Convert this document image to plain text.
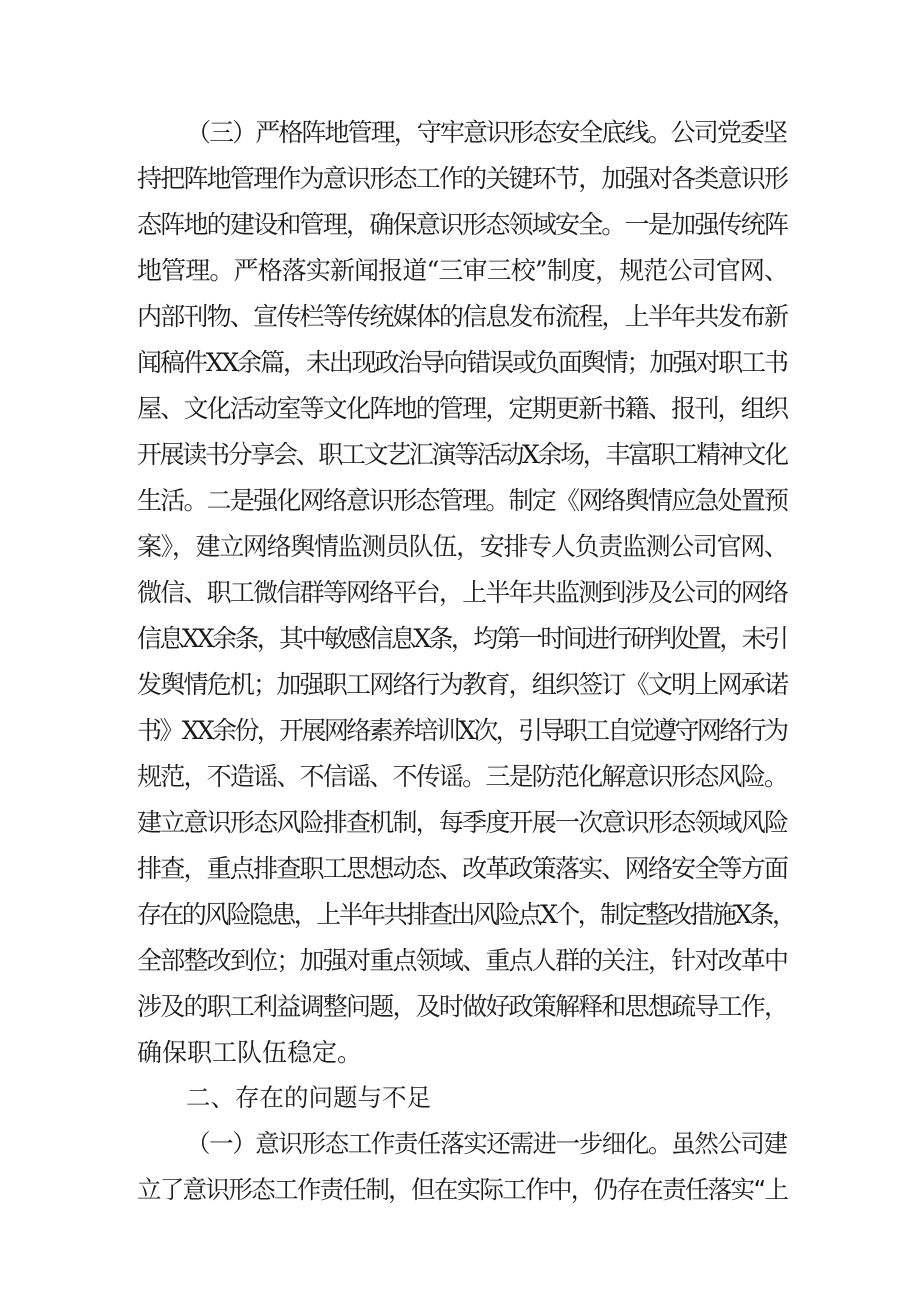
（三）严格阵地管理，守牢意识形态安全底线。公司党委坚

持把阵地管理作为意识形态工作的关键环节，加强对各类意识形

态阵地的建设和管理，确保意识形态领域安全。一是加强传统阵

地管理。严格落实新闻报道“三审三校”制度，规范公司官网、

内部刊物、宣传栏等传统媒体的信息发布流程，上半年共发布新

闻稿件XX余篇，未出现政治导向错误或负面舆情；加强对职工书

屋、文化活动室等文化阵地的管理，定期更新书籍、报刊，组织

开展读书分享会、职工文艺汇演等活动X余场，丰富职工精神文化

生活。二是强化网络意识形态管理。制定《网络舆情应急处置预

案》，建立网络舆情监测员队伍，安排专人负责监测公司官网、

微信、职工微信群等网络平台，上半年共监测到涉及公司的网络

信息XX余条，其中敏感信息X条，均第一时间进行研判处置，未引

发舆情危机；加强职工网络行为教育，组织签订《文明上网承诺

书》XX余份，开展网络素养培训X次，引导职工自觉遵守网络行为

规范，不造谣、不信谣、不传谣。三是防范化解意识形态风险。

建立意识形态风险排查机制，每季度开展一次意识形态领域风险

排查，重点排查职工思想动态、改革政策落实、网络安全等方面

存在的风险隐患，上半年共排查出风险点X个，制定整改措施X条，

全部整改到位；加强对重点领域、重点人群的关注，针对改革中

涉及的职工利益调整问题，及时做好政策解释和思想疏导工作，

确保职工队伍稳定。

二、存在的问题与不足

（一）意识形态工作责任落实还需进一步细化。虽然公司建

立了意识形态工作责任制，但在实际工作中，仍存在责任落实“上
